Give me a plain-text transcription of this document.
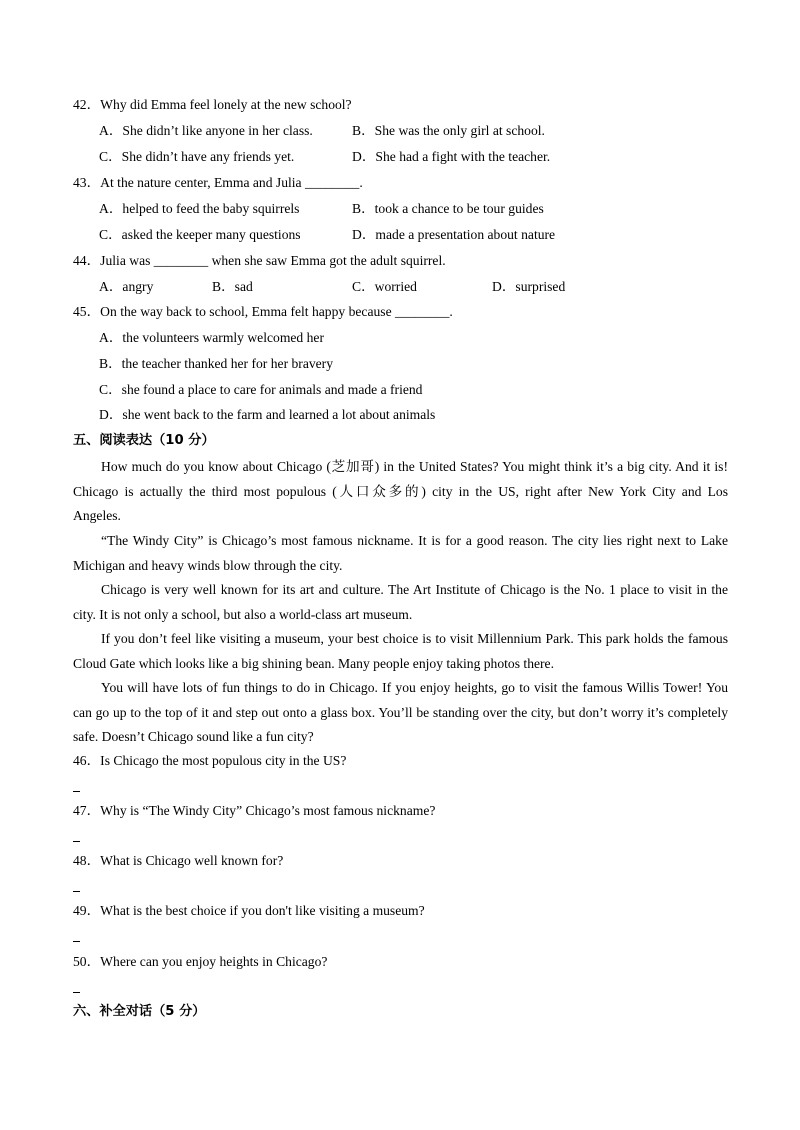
42．Why did Emma feel lonely at the new school?
A．She didn’t like anyone in her class.	B．She was the only girl at school.
C．She didn’t have any friends yet.	D．She had a fight with the teacher.
43．At the nature center, Emma and Julia ________.
A．helped to feed the baby squirrels	B．took a chance to be tour guides
C．asked the keeper many questions	D．made a presentation about nature
44．Julia was ________ when she saw Emma got the adult squirrel.
A．angry	B．sad	C．worried	D．surprised
45．On the way back to school, Emma felt happy because ________.
A．the volunteers warmly welcomed her
B．the teacher thanked her for her bravery
C．she found a place to care for animals and made a friend
D．she went back to the farm and learned a lot about animals
五、阅读表达（10 分）
How much do you know about Chicago (芝加哥) in the United States? You might think it’s a big city. And it is!
Chicago is actually the third most populous (人口众多的) city in the US, right after New York City and Los
Angeles.
“The Windy City” is Chicago’s most famous nickname. It is for a good reason. The city lies right next to Lake
Michigan and heavy winds blow through the city.
Chicago is very well known for its art and culture. The Art Institute of Chicago is the No. 1 place to visit in the
city. It is not only a school, but also a world-class art museum.
If you don’t feel like visiting a museum, your best choice is to visit Millennium Park. This park holds the famous
Cloud Gate which looks like a big shining bean. Many people enjoy taking photos there.
You will have lots of fun things to do in Chicago. If you enjoy heights, go to visit the famous Willis Tower! You
can go up to the top of it and step out onto a glass box. You’ll be standing over the city, but don’t worry it’s completely
safe. Doesn’t Chicago sound like a fun city?
46．Is Chicago the most populous city in the US?
47．Why is “The Windy City” Chicago’s most famous nickname?
48．What is Chicago well known for?
49．What is the best choice if you don't like visiting a museum?
50．Where can you enjoy heights in Chicago?
六、补全对话（5 分）
